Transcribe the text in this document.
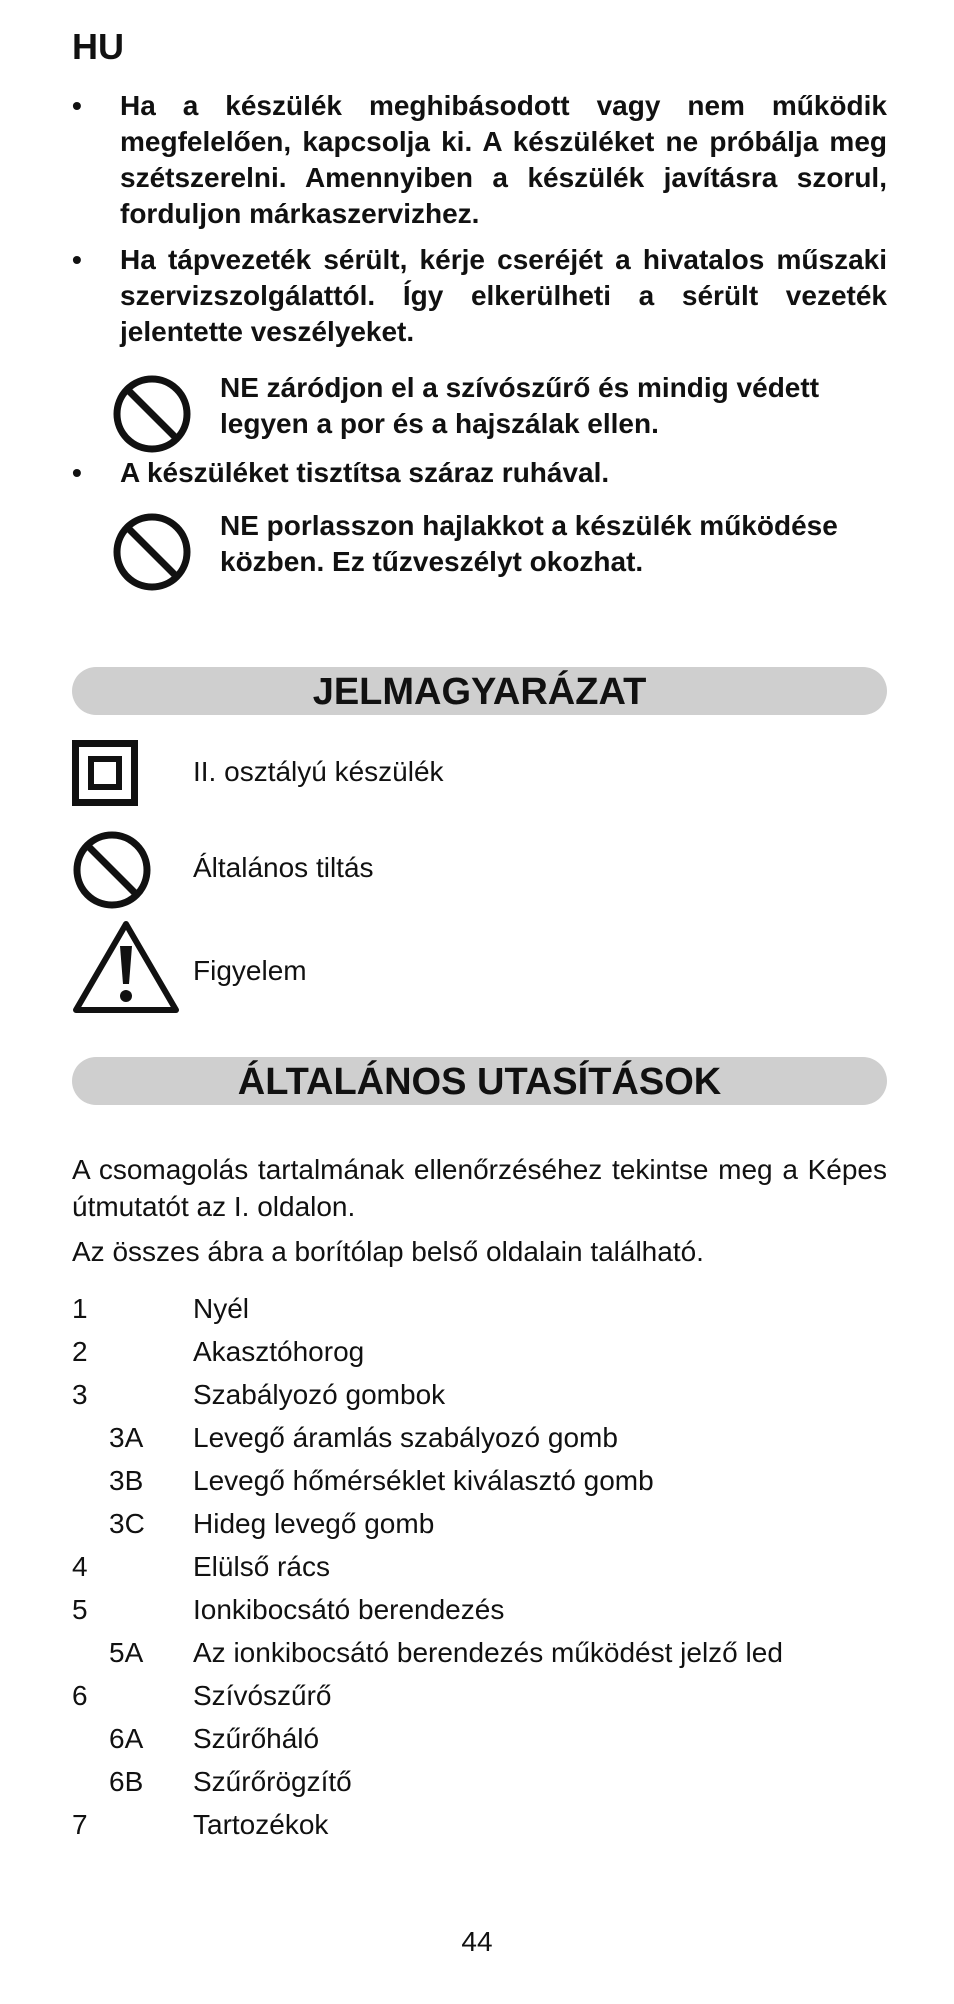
HU
•	Ha a készülék meghibásodott vagy nem működik megfelelően, kapcsolja ki. A készüléket ne próbálja meg szétszerelni. Amennyiben a készülék javításra szorul, forduljon márkaszervizhez.
•	Ha tápvezeték sérült, kérje cseréjét a hivatalos műszaki szervizszolgálattól. Így elkerülheti a sérült vezeték jelentette veszélyeket.
NE záródjon el a szívószűrő és mindig védett legyen a por és a hajszálak ellen.
•	A készüléket tisztítsa száraz ruhával.
NE porlasszon hajlakkot a készülék működése közben. Ez tűzveszélyt okozhat.
JELMAGYARÁZAT
II. osztályú készülék
Általános tiltás
Figyelem
ÁLTALÁNOS UTASÍTÁSOK
A csomagolás tartalmának ellenőrzéséhez tekintse meg a Képes útmutatót az I. oldalon.
Az összes ábra a borítólap belső oldalain található.
1	Nyél
2	Akasztóhorog
3	Szabályozó gombok
3A Levegő áramlás szabályozó gomb
3B Levegő hőmérséklet kiválasztó gomb
3C Hideg levegő gomb
4	Elülső rács
5	Ionkibocsátó berendezés
5A Az ionkibocsátó berendezés működést jelző led
6	Szívószűrő
6A Szűrőháló
6B Szűrőrögzítő
7	Tartozékok
44
